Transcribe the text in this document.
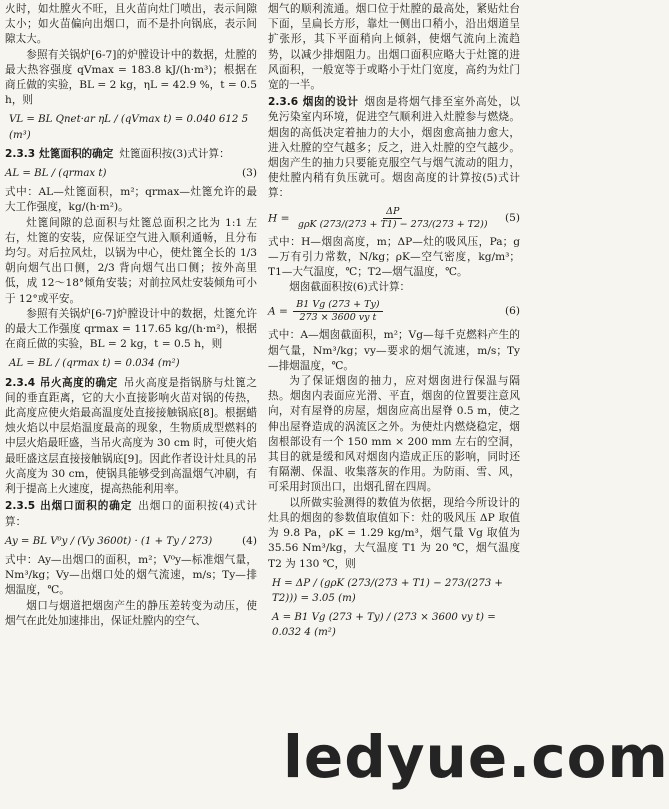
火时，如灶膛火不旺，且火苗向灶门喷出，表示间隙太小；如火苗偏向出烟口，而不是扑向锅底，表示间隙太大。

参照有关锅炉[6-7]的炉膛设计中的数据，灶膛的最大热容强度 qVmax = 183.8 kJ/(h·m³)；根据在商丘做的实验，BL = 2 kg，ηL = 42.9 %，t = 0.5 h，则

VL = BL Qnet·ar ηL / (qVmax t) = 0.040 612 5 (m³)

2.3.3 灶篦面积的确定 灶篦面积按(3)式计算：

AL = BL / (qrmax t)	(3)

式中：AL—灶篦面积，m²；qrmax—灶篦允许的最大工作强度，kg/(h·m²)。

灶篦间隙的总面积与灶篦总面积之比为 1:1 左右，灶篦的安装，应保证空气进入顺利通畅，且分布均匀。对后拉风灶，以锅为中心，使灶篦全长的 1/3 朝向烟气出口侧，2/3 背向烟气出口侧；按外高里低，成 12～18°倾角安装；对前拉风灶安装倾角可小于 12°或平安。

参照有关锅炉[6-7]炉膛设计中的数据，灶篦允许的最大工作强度 qrmax = 117.65 kg/(h·m²)，根据在商丘做的实验，BL = 2 kg，t = 0.5 h，则

AL = BL / (qrmax t) = 0.034 (m²)

2.3.4 吊火高度的确定 吊火高度是指锅脐与灶篦之间的垂直距离，它的大小直接影响火苗对锅的传热，此高度应使火焰最高温度处直接接触锅底[8]。根据蜡烛火焰以中层焰温度最高的现象，生物质成型燃料的中层火焰最旺盛，当吊火高度为 30 cm 时，可使火焰最旺盛这层直接接触锅底[9]。因此作者设计灶具的吊火高度为 30 cm，使锅具能够受到高温烟气冲刷，有利于提高上火速度，提高热能利用率。

2.3.5 出烟口面积的确定 出烟口的面积按(4)式计算：

Ay = BL V⁰y / (Vy 3600t) · (1 + Ty / 273)	(4)

式中：Ay—出烟口的面积，m²；V⁰y—标准烟气量，Nm³/kg；Vy—出烟口处的烟气流速，m/s；Ty—排烟温度，℃。

烟口与烟道把烟囱产生的静压差转变为动压，使烟气在此处加速排出，保证灶膛内的空气、

烟气的顺利流通。烟口位于灶膛的最高处，紧贴灶台下面，呈扁长方形，靠灶一侧出口稍小，沿出烟道呈扩张形，其下平面稍向上倾斜，使烟气流向上流趋势，以减少排烟阻力。出烟口面积应略大于灶篦的进风面积，一般宽等于或略小于灶门宽度，高约为灶门宽的一半。

2.3.6 烟囱的设计 烟囱是将烟气排至室外高处，以免污染室内环境，促进空气顺利进入灶膛参与燃烧。烟囱的高低决定着抽力的大小，烟囱愈高抽力愈大，进入灶膛的空气越多；反之，进入灶膛的空气越少。烟囱产生的抽力只要能克服空气与烟气流动的阻力，使灶膛内稍有负压就可。烟囱高度的计算按(5)式计算：

$H = \frac{\Delta P}{\text{gρK (273/(273 + T1) − 273/(273 + T2))}} (5)$

式中：H—烟囱高度，m；ΔP—灶的吸风压，Pa；g—万有引力常数，N/kg；ρK—空气密度，kg/m³；T1—大气温度，℃；T2—烟气温度，℃。

烟囱截面积按(6)式计算：

$A = \frac{B1 Vg (273 + Ty)}{\text{273 × 3600 vy t}}$	(6)

式中：A—烟囱截面积，m²；Vg—每千克燃料产生的烟气量，Nm³/kg；vy—要求的烟气流速，m/s；Ty—排烟温度，℃。

为了保证烟囱的抽力，应对烟囱进行保温与隔热。烟囱内表面应光滑、平直，烟囱的位置要注意风向，对有屋脊的房屋，烟囱应高出屋脊 0.5 m，使之伸出屋脊造成的涡流区之外。为使灶内燃烧稳定，烟囱根部设有一个 150 mm × 200 mm 左右的空洞，其目的就是缓和风对烟囱内造成正压的影响，同时还有隔潮、保温、收集落灰的作用。为防雨、雪、风，可采用封顶出口，出烟孔留在四周。

以所做实验测得的数值为依据，现给今所设计的灶具的烟囱的参数值取值如下：灶的吸风压 ΔP 取值为 9.8 Pa，ρK = 1.29 kg/m³，烟气量 Vg 取值为 35.56 Nm³/kg，大气温度 T1 为 20 ℃，烟气温度 T2 为 130 ℃，则

H = ΔP / (gρK (273/(273 + T1) − 273/(273 + T2))) = 3.05 (m)
A = B1 Vg (273 + Ty) / (273 × 3600 vy t) = 0.032 4 (m²)
ledyue.com
